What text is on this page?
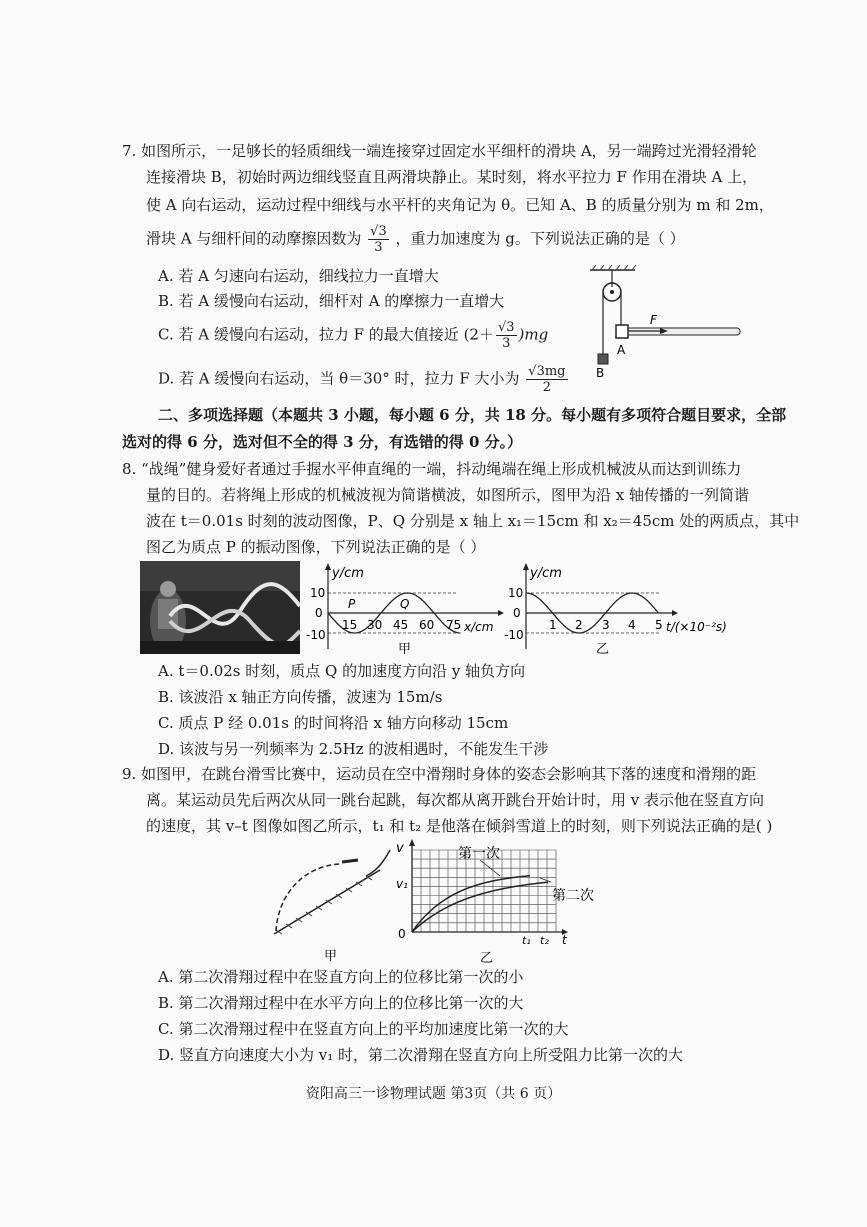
7. 如图所示，一足够长的轻质细线一端连接穿过固定水平细杆的滑块 A，另一端跨过光滑轻滑轮
连接滑块 B，初始时两边细线竖直且两滑块静止。某时刻，将水平拉力 F 作用在滑块 A 上，
使 A 向右运动，运动过程中细线与水平杆的夹角记为 θ。已知 A、B 的质量分别为 m 和 2m，
滑块 A 与细杆间的动摩擦因数为 $\frac{√3}{3}$ ，重力加速度为 g。下列说法正确的是（ ）
A. 若 A 匀速向右运动，细线拉力一直增大
B. 若 A 缓慢向右运动，细杆对 A 的摩擦力一直增大
C. 若 A 缓慢向右运动，拉力 F 的最大值接近 $(2+ \frac{√3}{3} )mg$
D. 若 A 缓慢向右运动，当 θ＝30° 时，拉力 F 大小为 $\frac{√3mg}{2}$
F
A
B
二、多项选择题（本题共 3 小题，每小题 6 分，共 18 分。每小题有多项符合题目要求，全部
选对的得 6 分，选对但不全的得 3 分，有选错的得 0 分。）
8. “战绳”健身爱好者通过手握水平伸直绳的一端，抖动绳端在绳上形成机械波从而达到训练力
量的目的。若将绳上形成的机械波视为简谐横波，如图所示，图甲为沿 x 轴传播的一列简谐
波在 t＝0.01s 时刻的波动图像，P、Q 分别是 x 轴上 x₁＝15cm 和 x₂＝45cm 处的两质点，其中
图乙为质点 P 的振动图像，下列说法正确的是（ ）
y/cm
10
0
-10
15 30 45 60 75 x/cm
P	Q
甲
y/cm
10
0
-10
1 2 3 4 5 t/(×10⁻²s)
乙
A. t＝0.02s 时刻，质点 Q 的加速度方向沿 y 轴负方向
B. 该波沿 x 轴正方向传播，波速为 15m/s
C. 质点 P 经 0.01s 的时间将沿 x 轴方向移动 15cm
D. 该波与另一列频率为 2.5Hz 的波相遇时，不能发生干涉
9. 如图甲，在跳台滑雪比赛中，运动员在空中滑翔时身体的姿态会影响其下落的速度和滑翔的距
离。某运动员先后两次从同一跳台起跳，每次都从离开跳台开始计时，用 v 表示他在竖直方向
的速度，其 v–t 图像如图乙所示，t₁ 和 t₂ 是他落在倾斜雪道上的时刻，则下列说法正确的是( )
甲
v
v₁
0	t₁ t₂ t
第一次
第二次
乙
A. 第二次滑翔过程中在竖直方向上的位移比第一次的小
B. 第二次滑翔过程中在水平方向上的位移比第一次的大
C. 第二次滑翔过程中在竖直方向上的平均加速度比第一次的大
D. 竖直方向速度大小为 v₁ 时，第二次滑翔在竖直方向上所受阻力比第一次的大
资阳高三一诊物理试题 第3页（共 6 页）
